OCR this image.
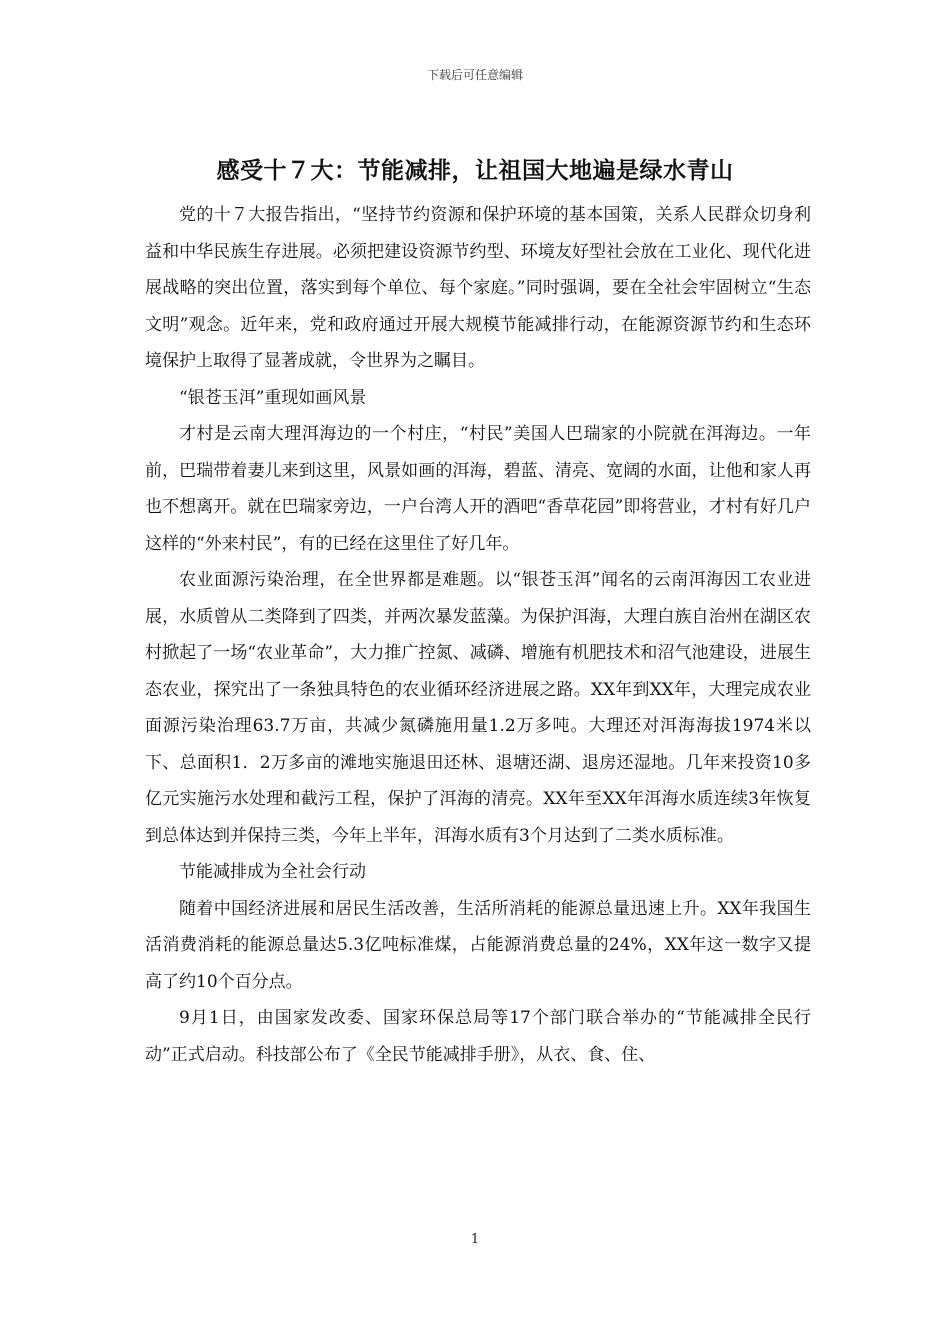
下载后可任意编辑
感受十７大：节能减排，让祖国大地遍是绿水青山

党的十７大报告指出，“坚持节约资源和保护环境的基本国策，关系人民群众切身利益和中华民族生存进展。必须把建设资源节约型、环境友好型社会放在工业化、现代化进展战略的突出位置，落实到每个单位、每个家庭。”同时强调，要在全社会牢固树立“生态文明”观念。近年来，党和政府通过开展大规模节能减排行动，在能源资源节约和生态环境保护上取得了显著成就，令世界为之瞩目。

“银苍玉洱”重现如画风景

才村是云南大理洱海边的一个村庄，“村民”美国人巴瑞家的小院就在洱海边。一年前，巴瑞带着妻儿来到这里，风景如画的洱海，碧蓝、清亮、宽阔的水面，让他和家人再也不想离开。就在巴瑞家旁边，一户台湾人开的酒吧“香草花园”即将营业，才村有好几户这样的“外来村民”，有的已经在这里住了好几年。

农业面源污染治理，在全世界都是难题。以“银苍玉洱”闻名的云南洱海因工农业进展，水质曾从二类降到了四类，并两次暴发蓝藻。为保护洱海，大理白族自治州在湖区农村掀起了一场“农业革命”，大力推广控氮、减磷、增施有机肥技术和沼气池建设，进展生态农业，探究出了一条独具特色的农业循环经济进展之路。XX年到XX年，大理完成农业面源污染治理63.7万亩，共减少氮磷施用量1.2万多吨。大理还对洱海海拔1974米以下、总面积1．2万多亩的滩地实施退田还林、退塘还湖、退房还湿地。几年来投资10多亿元实施污水处理和截污工程，保护了洱海的清亮。XX年至XX年洱海水质连续3年恢复到总体达到并保持三类，今年上半年，洱海水质有3个月达到了二类水质标准。

节能减排成为全社会行动

随着中国经济进展和居民生活改善，生活所消耗的能源总量迅速上升。XX年我国生活消费消耗的能源总量达5.3亿吨标准煤，占能源消费总量的24%，XX年这一数字又提高了约10个百分点。

9月1日，由国家发改委、国家环保总局等17个部门联合举办的“节能减排全民行动”正式启动。科技部公布了《全民节能减排手册》，从衣、食、住、

1
